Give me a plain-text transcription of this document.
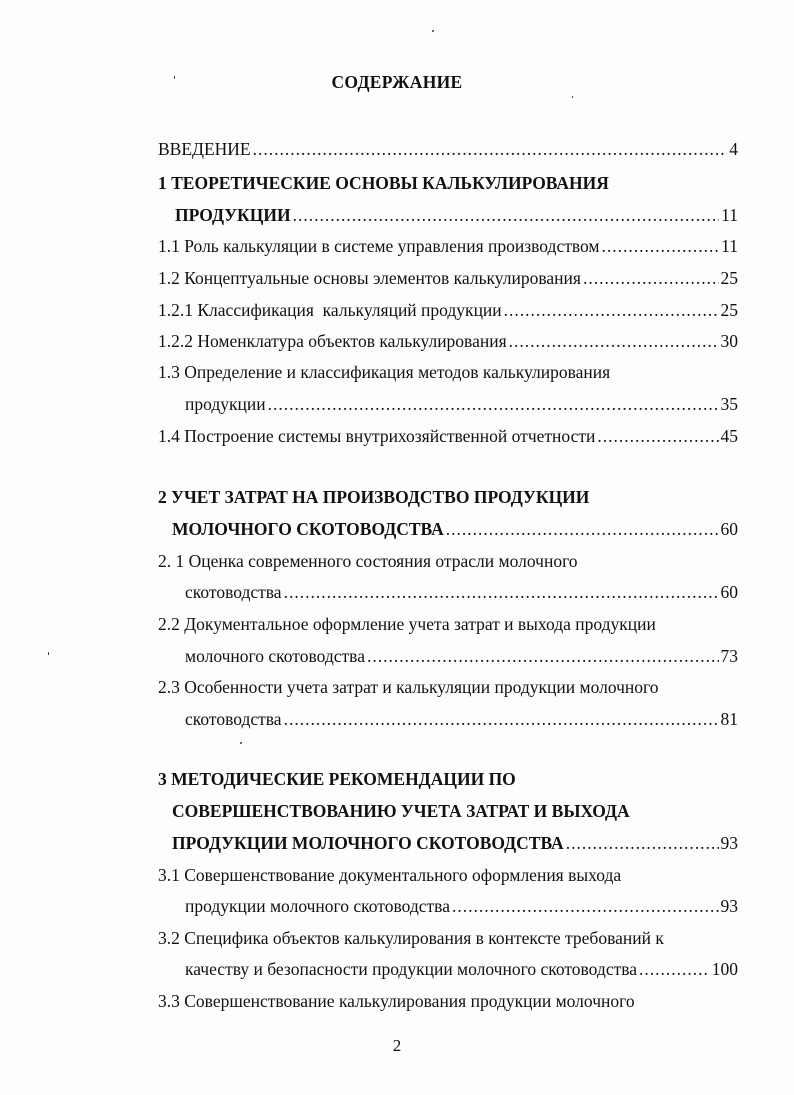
СОДЕРЖАНИЕ
ВВЕДЕНИЕ .....	4
1 ТЕОРЕТИЧЕСКИЕ ОСНОВЫ КАЛЬКУЛИРОВАНИЯ
ПРОДУКЦИИ .....	11
1.1 Роль калькуляции в системе управления производством .....	11
1.2 Концептуальные основы элементов калькулирования .....	25
1.2.1 Классификация  калькуляций продукции .....	25
1.2.2 Номенклатура объектов калькулирования .....	30
1.3 Определение и классификация методов калькулирования
продукции .....	35
1.4 Построение системы внутрихозяйственной отчетности .....	45
2 УЧЕТ ЗАТРАТ НА ПРОИЗВОДСТВО ПРОДУКЦИИ
МОЛОЧНОГО СКОТОВОДСТВА .....	60
2. 1 Оценка современного состояния отрасли молочного
скотоводства .....	60
2.2 Документальное оформление учета затрат и выхода продукции
молочного скотоводства .....	73
2.3 Особенности учета затрат и калькуляции продукции молочного
скотоводства .....	81
3 МЕТОДИЧЕСКИЕ РЕКОМЕНДАЦИИ ПО
СОВЕРШЕНСТВОВАНИЮ УЧЕТА ЗАТРАТ И ВЫХОДА
ПРОДУКЦИИ МОЛОЧНОГО СКОТОВОДСТВА .....	93
3.1 Совершенствование документального оформления выхода
продукции молочного скотоводства .....	93
3.2 Специфика объектов калькулирования в контексте требований к
качеству и безопасности продукции молочного скотоводства .....	100
3.3 Совершенствование калькулирования продукции молочного
2
